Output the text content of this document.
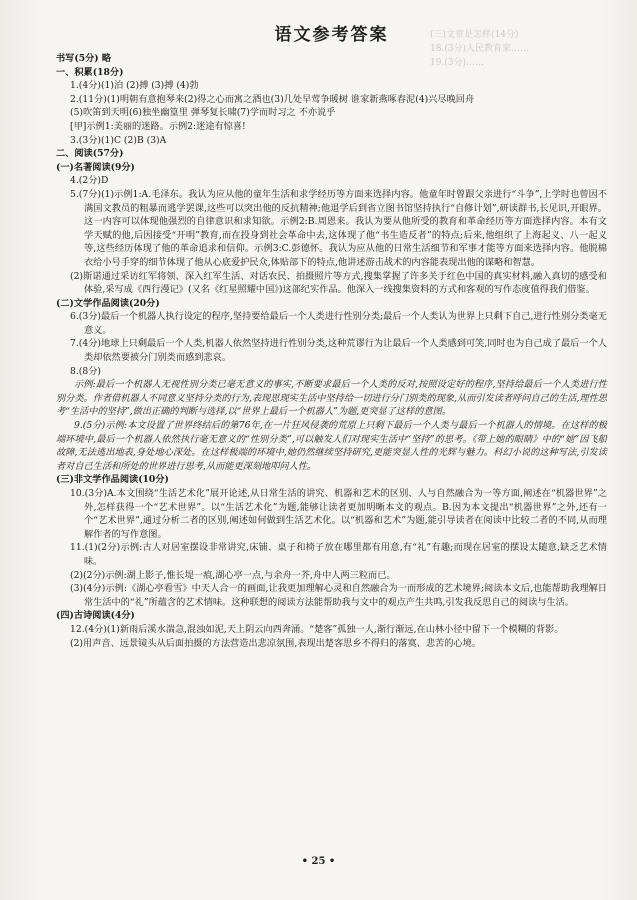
(三)文章是怎样(14分)
18.(3分)人民教育家……
19.(3分)……
语文参考答案
书写(5分) 略
一、积累(18分)
1.(4分)(1)泊 (2)搏 (3)搏 (4)勃
2.(11分)(1)明朝有意抱琴来(2)得之心而寓之酒也(3)几处早莺争暖树 谁家新燕啄春泥(4)兴尽晚回舟
(5)吹笛到天明(6)独坐幽篁里 弹琴复长啸(7)学而时习之 不亦说乎
[甲]示例1:美丽的迷路。示例2:迷途有惊喜!
3.(3分)(1)C (2)B (3)A
二、阅读(57分)
(一)名著阅读(9分)
4.(2分)D
5.(7分)(1)示例1:A.毛泽东。我认为应从他的童年生活和求学经历等方面来选择内容。他童年时曾跟父亲进行“斗争”,上学时也曾因不满国文教员的粗暴而逃学罢课,这些可以突出他的反抗精神;他退学后到省立图书馆坚持执行“自修计划”,研读群书,长见识,开眼界。这一内容可以体现他强烈的自律意识和求知欲。示例2:B.周恩来。我认为要从他所受的教育和革命经历等方面选择内容。本有文学天赋的他,后因接受“开明”教育,而在投身到社会革命中去,这体现了他“书生造反者”的特点;后来,他组织了上海起义、八一起义等,这些经历体现了他的革命追求和信仰。示例3:C.彭德怀。我认为应从他的日常生活细节和军事才能等方面来选择内容。他脱棉衣给小号手穿的细节体现了他从心底爱护民众,体贴部下的特点,他讲述游击战术的内容能表现出他的谋略和智慧。
(2)斯诺通过采访红军将领、深入红军生活、对话农民、拍摄照片等方式,搜集掌握了许多关于红色中国的真实材料,融入真切的感受和体验,采写成《西行漫记》(又名《红星照耀中国》)这部纪实作品。他深入一线搜集资料的方式和客观的写作态度值得我们借鉴。
(二)文学作品阅读(20分)
6.(3分)最后一个机器人执行设定的程序,坚持要给最后一个人类进行性别分类;最后一个人类认为世界上只剩下自己,进行性别分类毫无意义。
7.(4分)地球上只剩最后一个人类,机器人依然坚持进行性别分类,这种荒谬行为让最后一个人类感到可笑,同时也为自己成了最后一个人类却依然要被分门别类而感到悲哀。
8.(8分)
示例:最后一个机器人无视性别分类已毫无意义的事实,不断要求最后一个人类的反对,按照设定好的程序,坚持给最后一个人类进行性别分类。作者借机器人不同意义坚持分类的行为,表现思现实生活中坚持给一切进行分门别类的现象,从而引发读者呼问自己的生活,理性思考“生活中的坚持”,做出正确的判断与选择,以“世界上最后一个机器人”为题,更突显了这样的意图。
9.(5分)示例:本文设置了世界终结后的第76年,在一片狂风侵袭的荒原上只剩下最后一个人类与最后一个机器人的情境。在这样的极端环境中,最后一个机器人依然执行毫无意义的“性别分类”,可以触发人们对现实生活中“坚持”的思考。《带上她的眼睛》中的“她”因飞船故障,无法逃出地表,身处地心深处。在这样极端的环境中,她仍然继续坚持研究,更能突显人性的光辉与魅力。科幻小说的这种写法,引发读者对自己生活和所处的世界进行思考,从而能更深刻地叩问人性。
(三)非文学作品阅读(10分)
10.(3分)A.本文围绕“生活艺术化”展开论述,从日常生活的讲究、机器和艺术的区别、人与自然融合为一等方面,阐述在“机器世界”之外,怎样获得一个“艺术世界”。以“生活艺术化”为题,能够让读者更加明晰本文的观点。B.因为本文提出“机器世界”之外,还有一个“艺术世界”,通过分析二者的区别,阐述如何做到生活艺术化。以“机器和艺术”为题,能引导读者在阅读中比较二者的不同,从而理解作者的写作意图。
11.(1)(2分)示例:古人对居室摆设非常讲究,床铺、桌子和椅子放在哪里都有用意,有“礼”有趣;而现在居室的摆设太随意,缺乏艺术情味。
(2)(2分)示例:湖上影子,惟长堤一痕,湖心亭一点,与余舟一芥,舟中人两三粒而已。
(3)(4分)示例:《湖心亭看雪》中天人合一的画面,让我更加理解心灵和自然融合为一而形成的艺术境界;阅读本文后,也能帮助我理解日常生活中的“礼”所蕴含的艺术情味。这种联想的阅读方法能帮助我与文中的观点产生共鸣,引发我反思自己的阅读与生活。
(四)古诗阅读(4分)
12.(4分)(1)新雨后溪水湍急,混浊如泥,天上阴云向西奔涌。“楚客”孤独一人,渐行渐远,在山林小径中留下一个模糊的背影。
(2)用声音、远景镜头从后面拍摄的方法营造出悲凉氛围,表现出楚客思乡不得归的落寞、悲苦的心境。
• 25 •
